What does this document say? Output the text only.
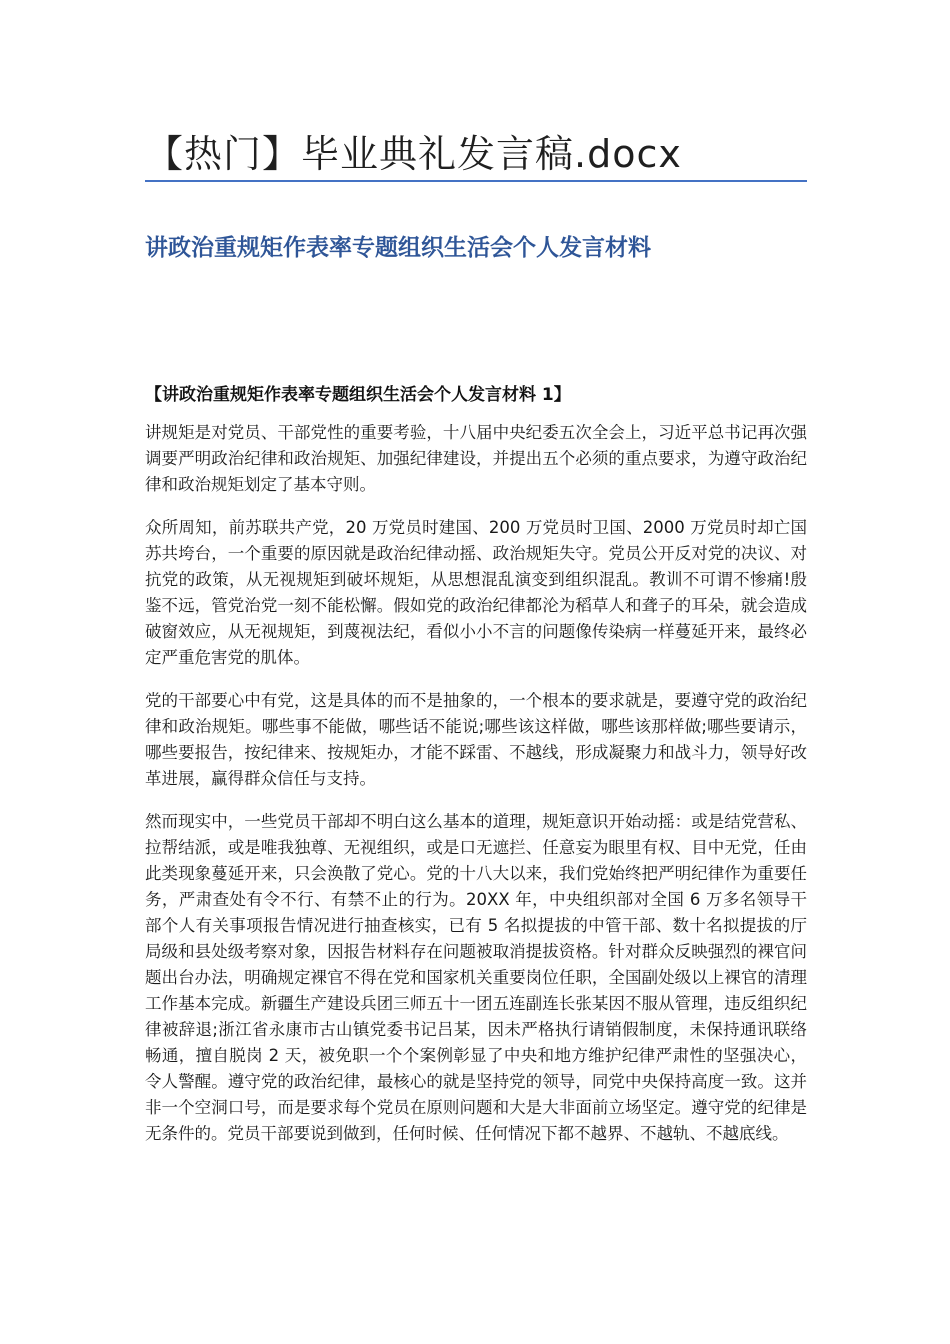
【热门】毕业典礼发言稿.docx
讲政治重规矩作表率专题组织生活会个人发言材料
【讲政治重规矩作表率专题组织生活会个人发言材料 1】

讲规矩是对党员、干部党性的重要考验，十八届中央纪委五次全会上，习近平总书记再次强调要严明政治纪律和政治规矩、加强纪律建设，并提出五个必须的重点要求，为遵守政治纪律和政治规矩划定了基本守则。

众所周知，前苏联共产党，20 万党员时建国、200 万党员时卫国、2000 万党员时却亡国苏共垮台，一个重要的原因就是政治纪律动摇、政治规矩失守。党员公开反对党的决议、对抗党的政策，从无视规矩到破坏规矩，从思想混乱演变到组织混乱。教训不可谓不惨痛!殷鉴不远，管党治党一刻不能松懈。假如党的政治纪律都沦为稻草人和聋子的耳朵，就会造成破窗效应，从无视规矩，到蔑视法纪，看似小小不言的问题像传染病一样蔓延开来，最终必定严重危害党的肌体。

党的干部要心中有党，这是具体的而不是抽象的，一个根本的要求就是，要遵守党的政治纪律和政治规矩。哪些事不能做，哪些话不能说;哪些该这样做，哪些该那样做;哪些要请示，哪些要报告，按纪律来、按规矩办，才能不踩雷、不越线，形成凝聚力和战斗力，领导好改革进展，赢得群众信任与支持。

然而现实中，一些党员干部却不明白这么基本的道理，规矩意识开始动摇：或是结党营私、拉帮结派，或是唯我独尊、无视组织，或是口无遮拦、任意妄为眼里有权、目中无党，任由此类现象蔓延开来，只会涣散了党心。党的十八大以来，我们党始终把严明纪律作为重要任务，严肃查处有令不行、有禁不止的行为。20XX 年，中央组织部对全国 6 万多名领导干部个人有关事项报告情况进行抽查核实，已有 5 名拟提拔的中管干部、数十名拟提拔的厅局级和县处级考察对象，因报告材料存在问题被取消提拔资格。针对群众反映强烈的裸官问题出台办法，明确规定裸官不得在党和国家机关重要岗位任职，全国副处级以上裸官的清理工作基本完成。新疆生产建设兵团三师五十一团五连副连长张某因不服从管理，违反组织纪律被辞退;浙江省永康市古山镇党委书记吕某，因未严格执行请销假制度，未保持通讯联络畅通，擅自脱岗 2 天，被免职一个个案例彰显了中央和地方维护纪律严肃性的坚强决心，令人警醒。遵守党的政治纪律，最核心的就是坚持党的领导，同党中央保持高度一致。这并非一个空洞口号，而是要求每个党员在原则问题和大是大非面前立场坚定。遵守党的纪律是无条件的。党员干部要说到做到，任何时候、任何情况下都不越界、不越轨、不越底线。
